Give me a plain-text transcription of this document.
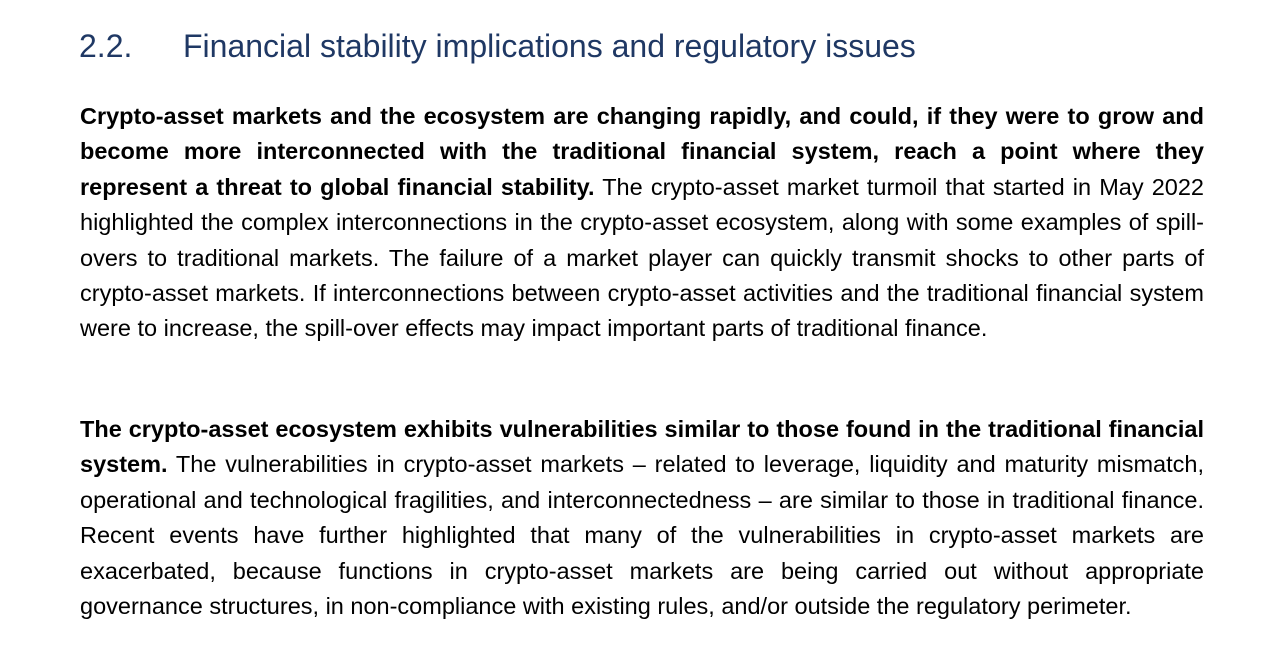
2.2. Financial stability implications and regulatory issues

Crypto-asset markets and the ecosystem are changing rapidly, and could, if they were to grow and become more interconnected with the traditional financial system, reach a point where they represent a threat to global financial stability. The crypto-asset market turmoil that started in May 2022 highlighted the complex interconnections in the crypto-asset ecosystem, along with some examples of spill-overs to traditional markets. The failure of a market player can quickly transmit shocks to other parts of crypto-asset markets. If interconnections between crypto-asset activities and the traditional financial system were to increase, the spill-over effects may impact important parts of traditional finance.

The crypto-asset ecosystem exhibits vulnerabilities similar to those found in the traditional financial system. The vulnerabilities in crypto-asset markets – related to leverage, liquidity and maturity mismatch, operational and technological fragilities, and interconnectedness – are similar to those in traditional finance. Recent events have further highlighted that many of the vulnerabilities in crypto-asset markets are exacerbated, because functions in crypto-asset markets are being carried out without appropriate governance structures, in non-compliance with existing rules, and/or outside the regulatory perimeter.
